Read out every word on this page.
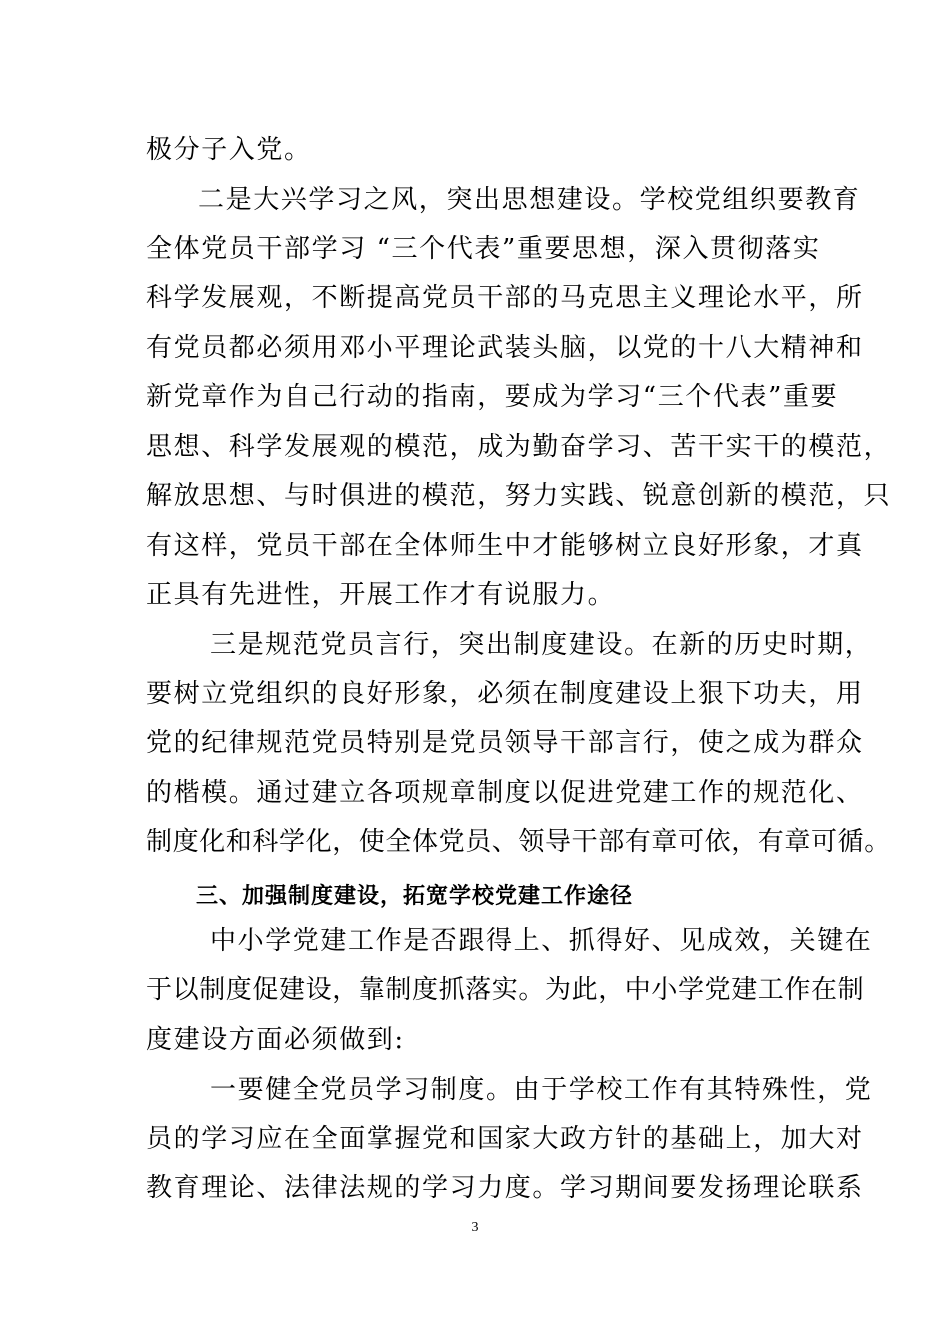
极分子入党。
二是大兴学习之风，突出思想建设。学校党组织要教育
全体党员干部学习 “三个代表”重要思想，深入贯彻落实
科学发展观，不断提高党员干部的马克思主义理论水平，所
有党员都必须用邓小平理论武装头脑，以党的十八大精神和
新党章作为自己行动的指南，要成为学习“三个代表”重要
思想、科学发展观的模范，成为勤奋学习、苦干实干的模范，
解放思想、与时俱进的模范，努力实践、锐意创新的模范，只
有这样，党员干部在全体师生中才能够树立良好形象，才真
正具有先进性，开展工作才有说服力。
三是规范党员言行，突出制度建设。在新的历史时期，
要树立党组织的良好形象，必须在制度建设上狠下功夫，用
党的纪律规范党员特别是党员领导干部言行，使之成为群众
的楷模。通过建立各项规章制度以促进党建工作的规范化、
制度化和科学化，使全体党员、领导干部有章可依，有章可循。
三、加强制度建设，拓宽学校党建工作途径
中小学党建工作是否跟得上、抓得好、见成效，关键在
于以制度促建设，靠制度抓落实。为此，中小学党建工作在制
度建设方面必须做到:
一要健全党员学习制度。由于学校工作有其特殊性，党
员的学习应在全面掌握党和国家大政方针的基础上，加大对
教育理论、法律法规的学习力度。学习期间要发扬理论联系
3
